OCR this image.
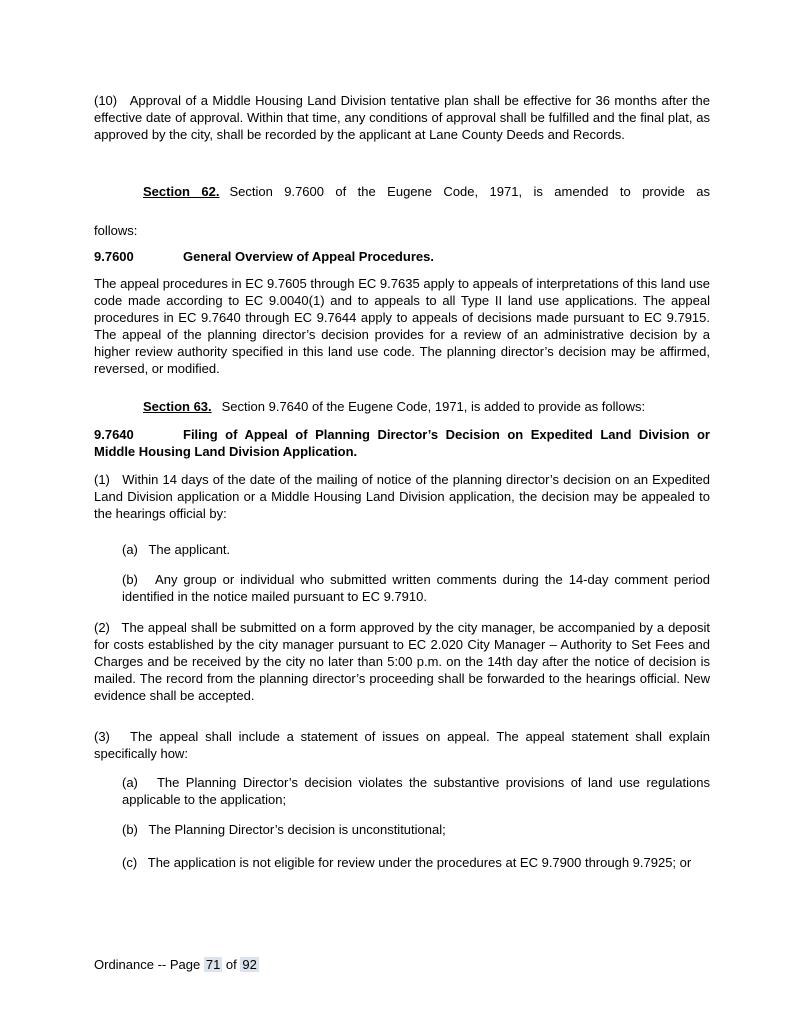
(10)   Approval of a Middle Housing Land Division tentative plan shall be effective for 36 months after the effective date of approval. Within that time, any conditions of approval shall be fulfilled and the final plat, as approved by the city, shall be recorded by the applicant at Lane County Deeds and Records.

Section 62. Section 9.7600 of the Eugene Code, 1971, is amended to provide as

follows:

9.7600	General Overview of Appeal Procedures.

The appeal procedures in EC 9.7605 through EC 9.7635 apply to appeals of interpretations of this land use code made according to EC 9.0040(1) and to appeals to all Type II land use applications. The appeal procedures in EC 9.7640 through EC 9.7644 apply to appeals of decisions made pursuant to EC 9.7915. The appeal of the planning director’s decision provides for a review of an administrative decision by a higher review authority specified in this land use code. The planning director’s decision may be affirmed, reversed, or modified.

Section 63. Section 9.7640 of the Eugene Code, 1971, is added to provide as follows:

9.7640	Filing of Appeal of Planning Director’s Decision on Expedited Land Division or Middle Housing Land Division Application.

(1)   Within 14 days of the date of the mailing of notice of the planning director’s decision on an Expedited Land Division application or a Middle Housing Land Division application, the decision may be appealed to the hearings official by:

(a)   The applicant.

(b)   Any group or individual who submitted written comments during the 14-day comment period identified in the notice mailed pursuant to EC 9.7910.

(2)   The appeal shall be submitted on a form approved by the city manager, be accompanied by a deposit for costs established by the city manager pursuant to EC 2.020 City Manager – Authority to Set Fees and Charges and be received by the city no later than 5:00 p.m. on the 14th day after the notice of decision is mailed. The record from the planning director’s proceeding shall be forwarded to the hearings official. New evidence shall be accepted.

(3)   The appeal shall include a statement of issues on appeal. The appeal statement shall explain specifically how:

(a)   The Planning Director’s decision violates the substantive provisions of land use regulations applicable to the application;

(b)   The Planning Director’s decision is unconstitutional;

(c)   The application is not eligible for review under the procedures at EC 9.7900 through 9.7925; or

Ordinance -- Page 71 of 92
